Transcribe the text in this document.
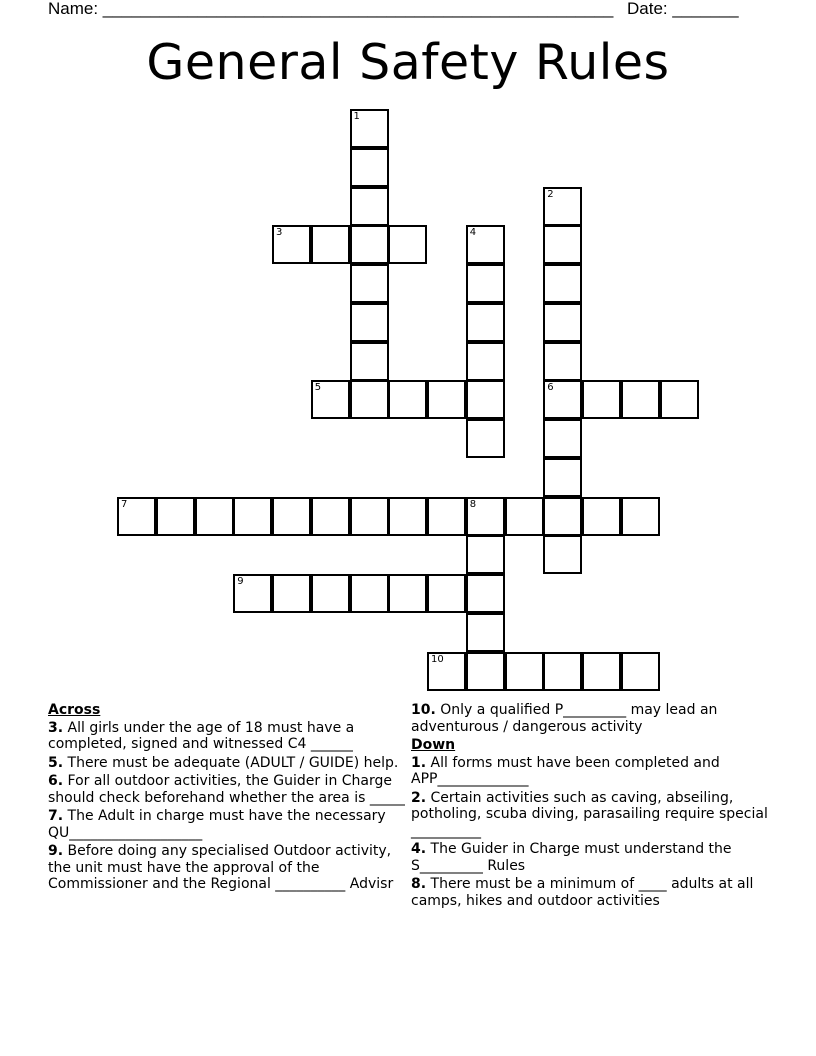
Name: ______________________________________________________ Date: _______
General Safety Rules
1
2
6
3	4
5
7	8
9
10
Across
3. All girls under the age of 18 must have a completed, signed and witnessed C4 ______
5. There must be adequate (ADULT / GUIDE) help.
6. For all outdoor activities, the Guider in Charge should check beforehand whether the area is _____
7. The Adult in charge must have the necessary QU___________________
9. Before doing any specialised Outdoor activity, the unit must have the approval of the Commissioner and the Regional __________ Advisr
10. Only a qualified P_________ may lead an adventurous / dangerous activity
Down
1. All forms must have been completed and APP_____________
2. Certain activities such as caving, abseiling, potholing, scuba diving, parasailing require special __________
4. The Guider in Charge must understand the S_________ Rules
8. There must be a minimum of ____ adults at all camps, hikes and outdoor activities
